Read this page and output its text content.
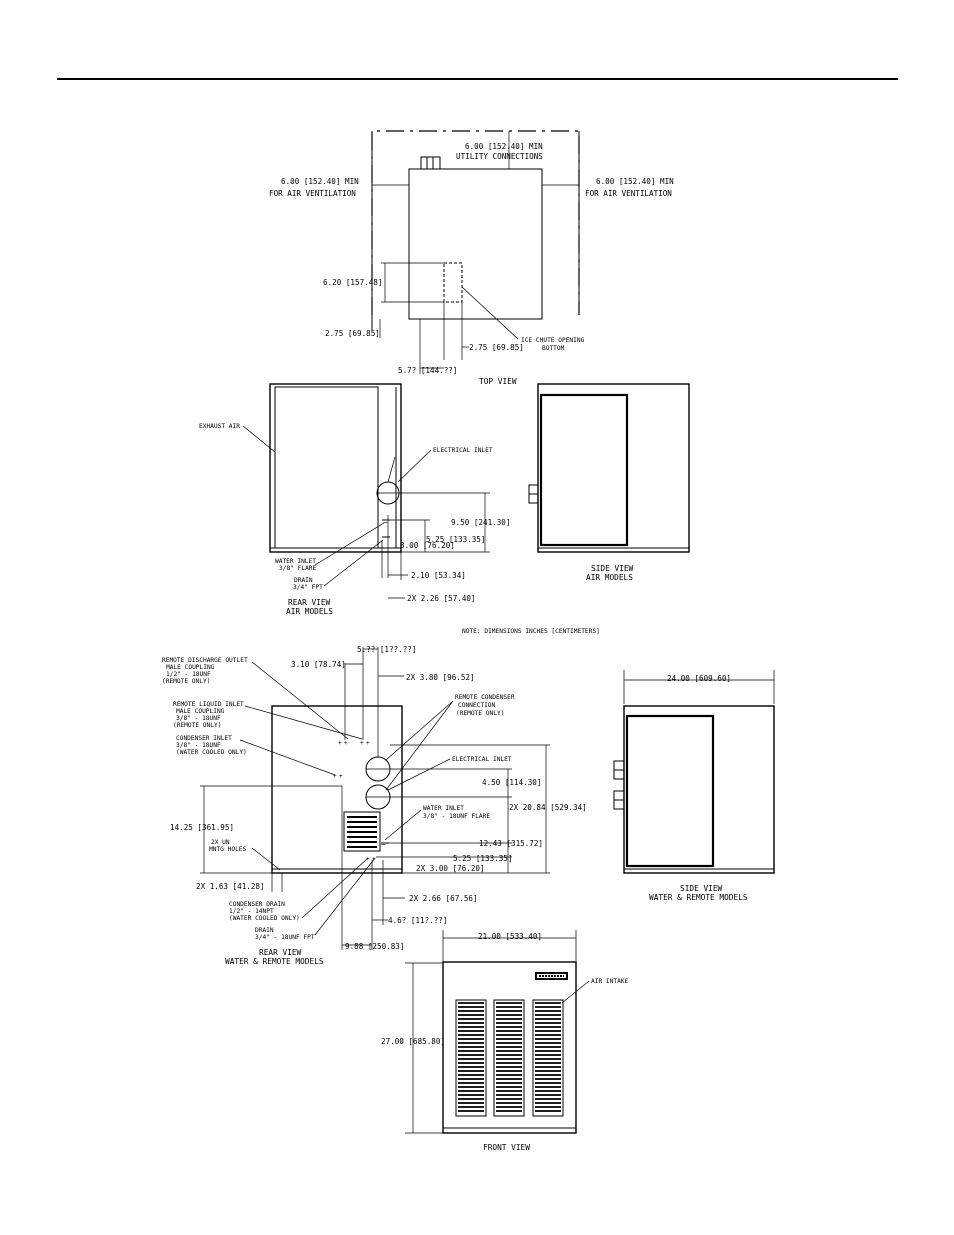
6.00 [152.40] MIN
UTILITY CONNECTIONS
6.00 [152.40] MIN
FOR AIR VENTILATION
6.00 [152.40] MIN
FOR AIR VENTILATION
ICE CHUTE OPENING
BOTTOM
6.20 [157.48]
2.75 [69.85]
2.75 [69.85]
5.7? [144.??]
TOP VIEW
ELECTRICAL INLET
−
EXHAUST AIR
WATER INLET
3/8" FLARE
DRAIN
3/4" FPT
9.50 [241.30]
5.25 [133.35]
3.00 [76.20]
2.10 [53.34]
2X 2.26 [57.40]
REAR VIEW
AIR MODELS
SIDE VIEW
AIR MODELS
NOTE: DIMENSIONS INCHES [CENTIMETERS]
+ + + +
+ +
+ +
−
REMOTE DISCHARGE OUTLET
MALE COUPLING
1/2" - 18UNF
(REMOTE ONLY)
REMOTE LIQUID INLET
MALE COUPLING
3/8" - 18UNF
(REMOTE ONLY)
CONDENSER INLET
3/8" - 18UNF
(WATER COOLED ONLY)
REMOTE CONDENSER
CONNECTION
(REMOTE ONLY)
ELECTRICAL INLET
WATER INLET
3/8" - 18UNF FLARE
2X UN
MNTG HOLES
CONDENSER DRAIN
1/2" - 14NPT
(WATER COOLED ONLY)
DRAIN
3/4" - 18UNF FPT
3.10 [78.74]
5.?? [1??.??]
2X 3.80 [96.52]
4.50 [114.30]
2X 20.84 [529.34]
12.43 [315.72]
5.25 [133.35]
2X 3.00 [76.20]
14.25 [361.95]
2X 1.63 [41.28]
2X 2.66 [67.56]
4.6? [11?.??]
9.88 [250.83]
REAR VIEW
WATER & REMOTE MODELS
24.00 [609.60]
SIDE VIEW
WATER & REMOTE MODELS
21.00 [533.40]
27.00 [685.80]
AIR INTAKE
FRONT VIEW
